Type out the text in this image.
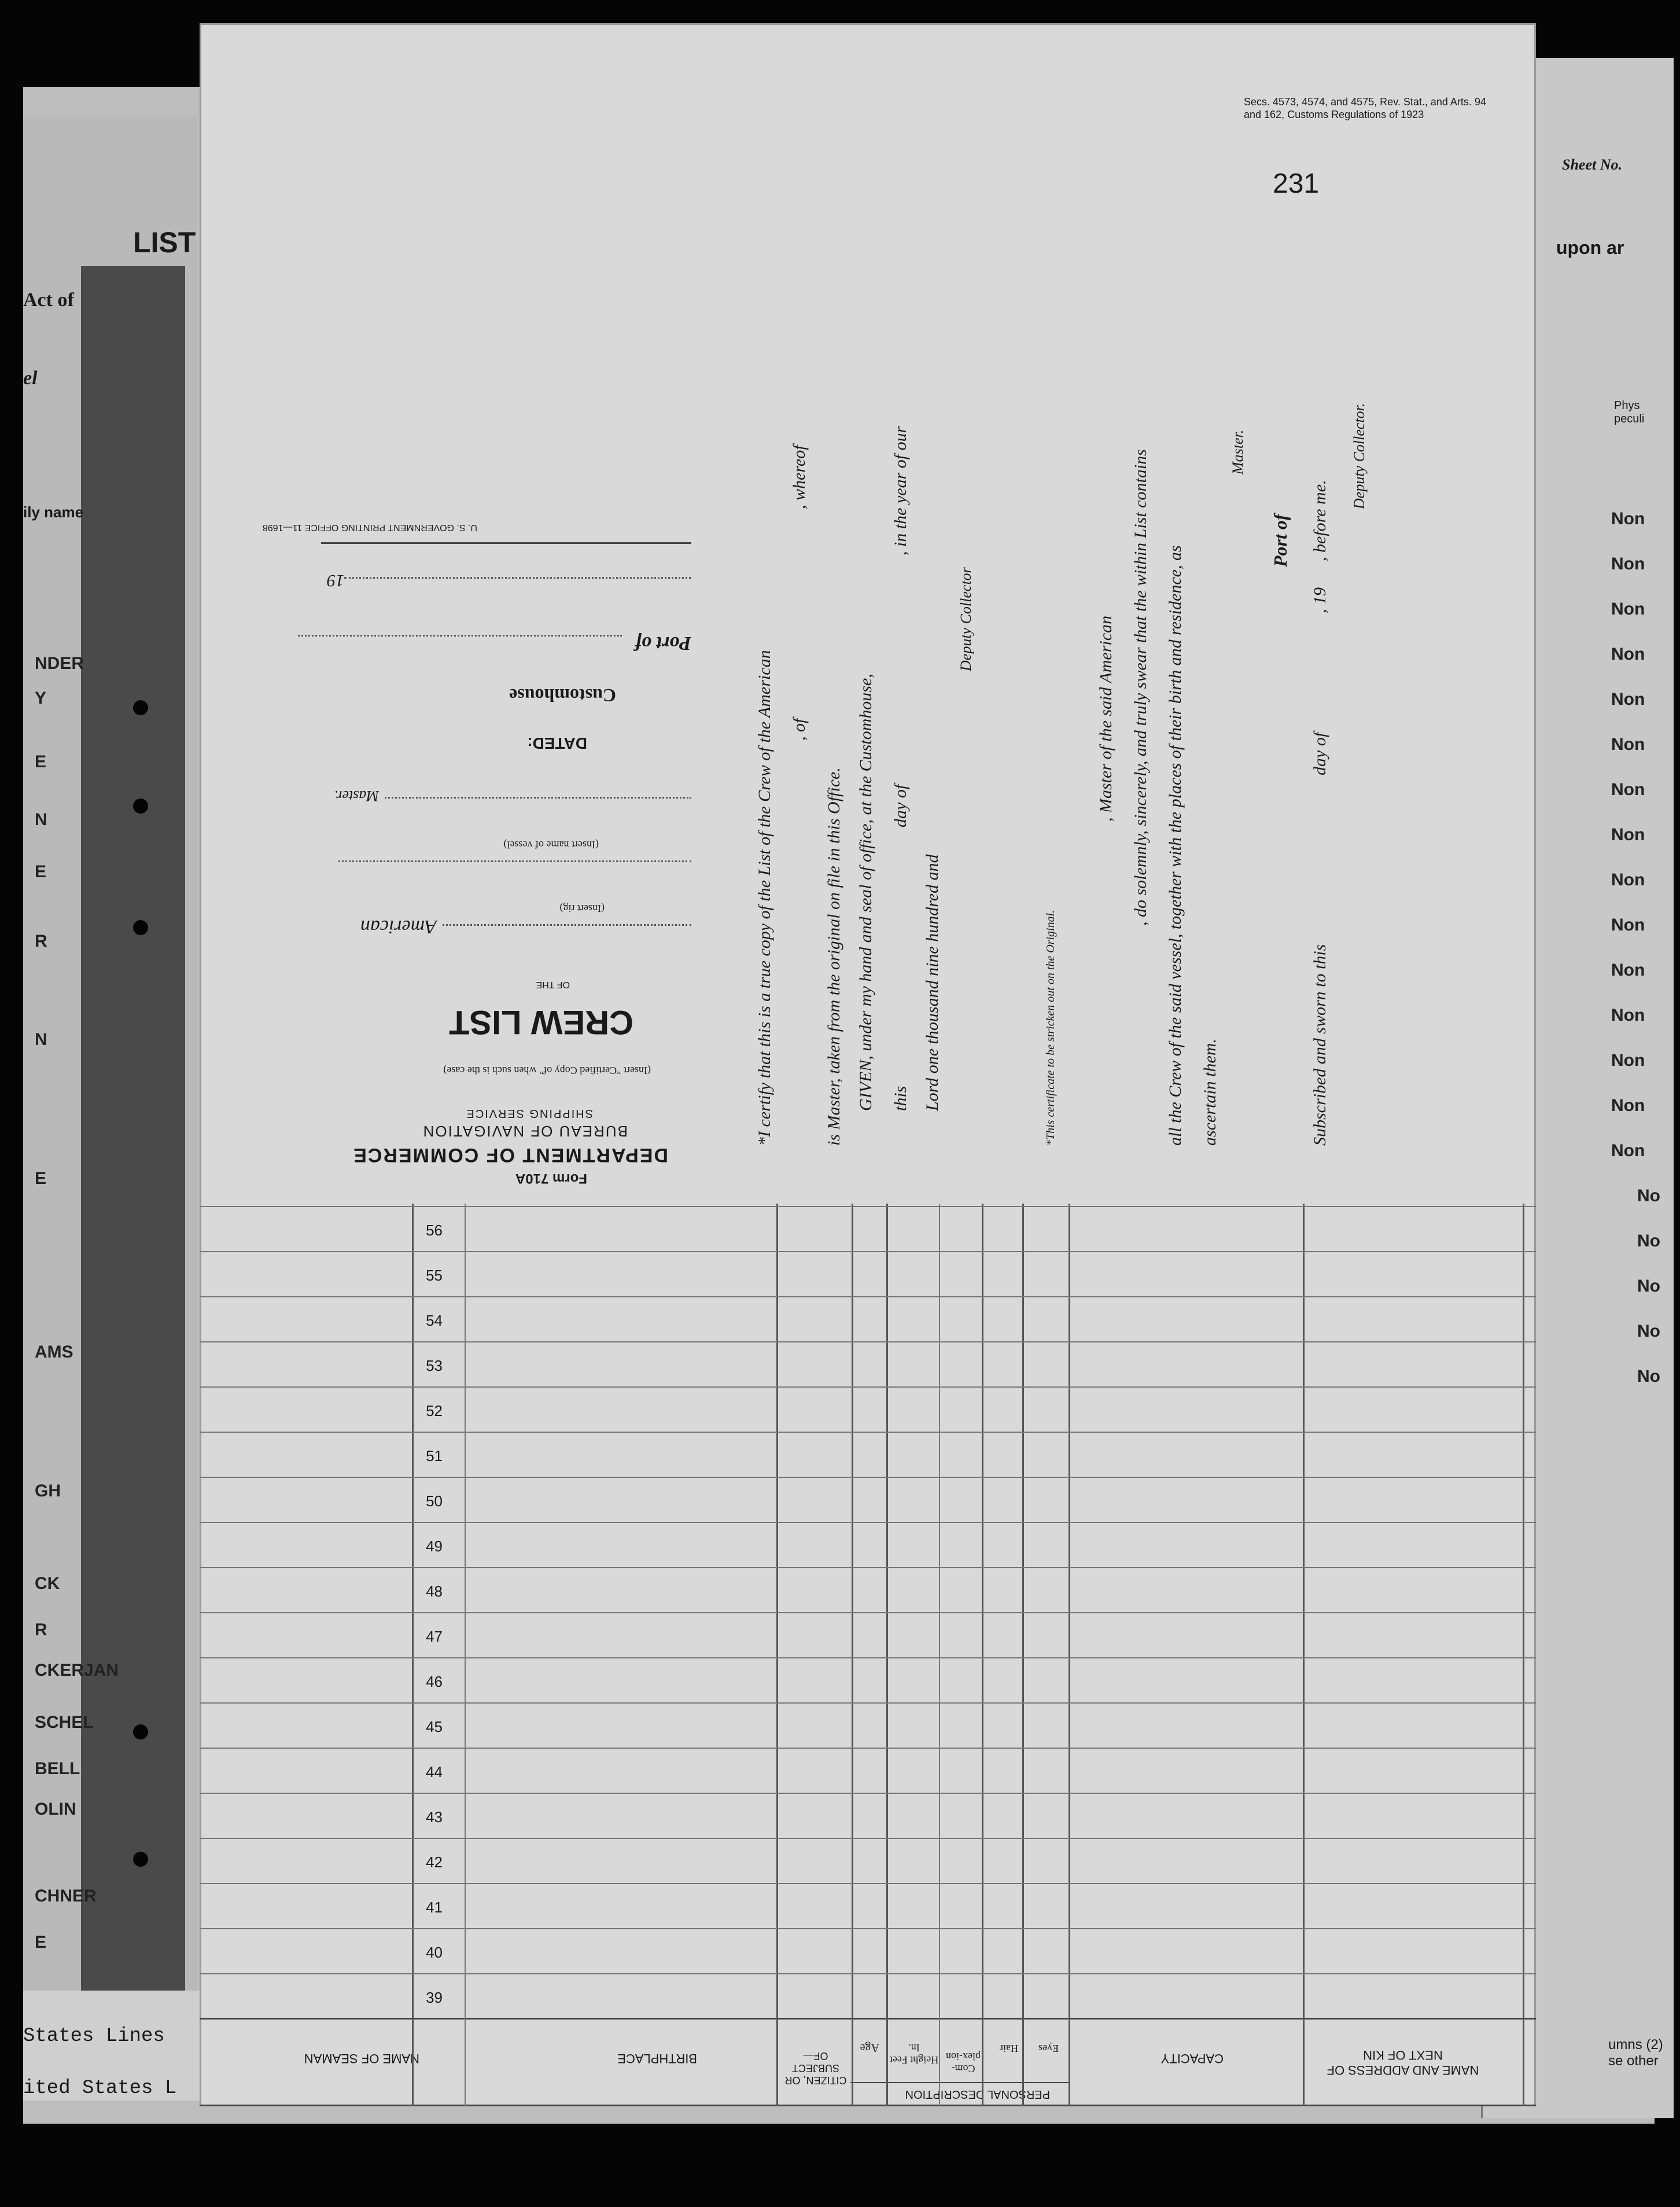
LIST
Act of
el
ily name
States Lines
ited States L
NDER
Y
E
N
E
R
N
E
AMS
GH
CK
R
CKERJAN
SCHEL
BELL
OLIN
CHNER
E
Sheet No.
upon ar
Phys peculi
umns (2) se other
Non
Non
Non
Non
Non
Non
Non
Non
Non
Non
Non
Non
Non
Non
Non
No
No
No
No
No
NAME OF SEAMAN	BIRTHPLACE
CITIZEN, OR SUBJECT OF—
Age
Height Feet In.
Com-plex-ion
Hair Eyes
CAPACITY
NAME AND ADDRESS OF NEXT OF KIN
PERSONAL DESCRIPTION
39
40
41
42
43
44
45
46
47
48
49
50
51
52
53
54
55
56
Form 710A
DEPARTMENT OF COMMERCE
BUREAU OF NAVIGATION
SHIPPING SERVICE
(Insert "Certified Copy of" when such is the case)
CREW LIST
OF THE
American
(Insert rig)
(Insert name of vessel)
Master.
DATED:
Customhouse
Port of
19
U. S. GOVERNMENT PRINTING OFFICE 11—1698
*I certify that this is a true copy of the List of the Crew of the American , of
, whereof
is Master, taken from the original on file in this Office. GIVEN, under my hand and seal of office, at the Customhouse, this
day of
, in the year of our
Lord one thousand nine hundred and
Deputy Collector
*This certificate to be stricken out on the Original.
, Master of the said American , do solemnly, sincerely, and truly swear that the within List contains all the Crew of the said vessel, together with the places of their birth and residence, as ascertain them.
Master.
Port of
Subscribed and sworn to this
day of
, 19
, before me.
Deputy Collector.
Secs. 4573, 4574, and 4575, Rev. Stat., and Arts. 94 and 162, Customs Regulations of 1923
231
